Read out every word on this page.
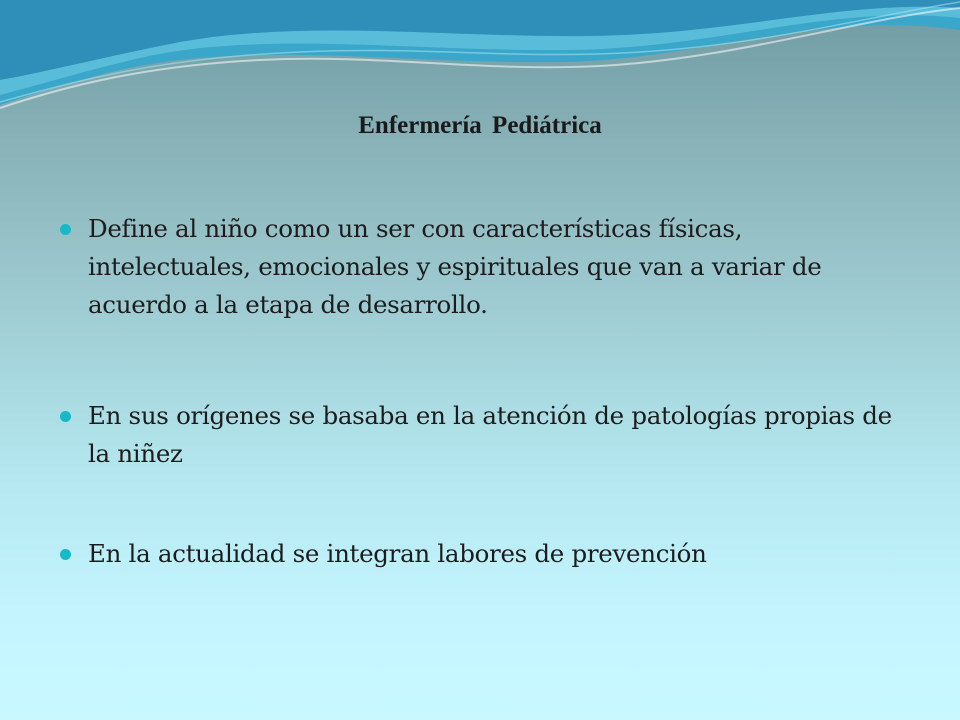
Enfermería Pediátrica
Define al niño como un ser con características físicas, intelectuales, emocionales y espirituales que van a variar de acuerdo a la etapa de desarrollo.
En sus orígenes se basaba en la atención de patologías propias de la niñez
En la actualidad se integran labores de prevención
